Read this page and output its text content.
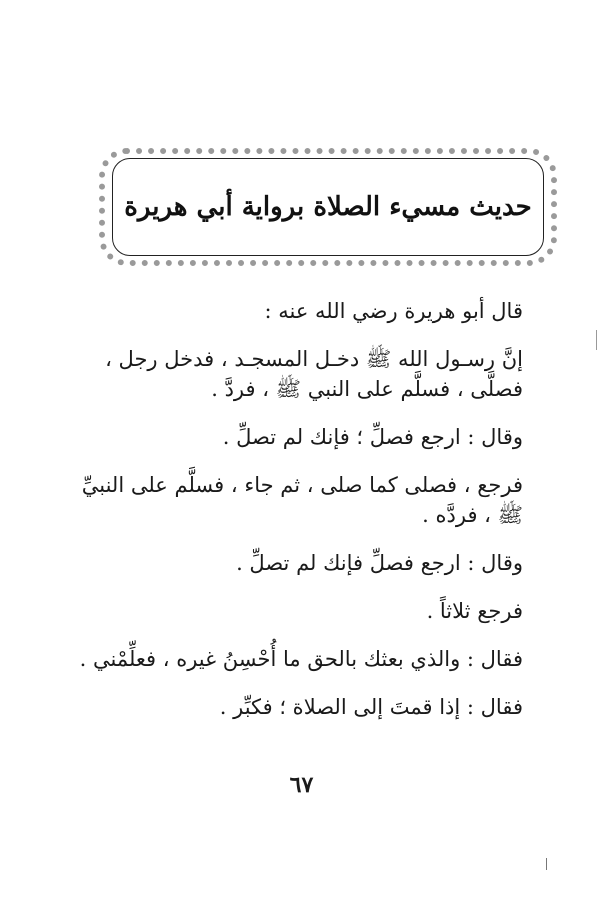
حديث مسيء الصلاة برواية أبي هريرة

قال أبو هريرة رضي الله عنه :

إنَّ رسـول الله ﷺ دخـل المسجـد ، فدخل رجل ، فصلَّى ، فسلَّم على النبي ﷺ ، فردَّ .

وقال : ارجع فصلِّ ؛ فإنك لم تصلِّ .

فرجع ، فصلى كما صلى ، ثم جاء ، فسلَّم على النبيِّ ﷺ ، فردَّه .

وقال : ارجع فصلِّ فإنك لم تصلِّ .

فرجع ثلاثاً .

فقال : والذي بعثك بالحق ما أُحْسِنُ غيره ، فعلِّمْني .

فقال : إذا قمتَ إلى الصلاة ؛ فكبِّر .

٦٧
